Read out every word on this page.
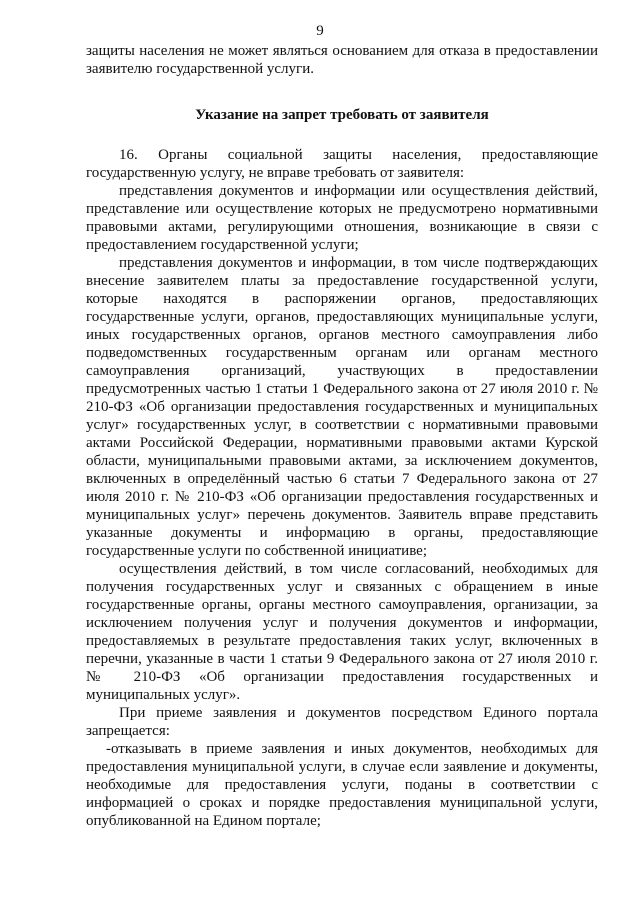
9

защиты населения не может являться основанием для отказа в предоставлении заявителю государственной услуги.

Указание на запрет требовать от заявителя

16. Органы социальной защиты населения, предоставляющие государственную услугу, не вправе требовать от заявителя:

представления документов и информации или осуществления действий, представление или осуществление которых не предусмотрено нормативными правовыми актами, регулирующими отношения, возникающие в связи с предоставлением государственной услуги;

представления документов и информации, в том числе подтверждающих внесение заявителем платы за предоставление государственной услуги, которые находятся в распоряжении органов, предоставляющих государственные услуги, органов, предоставляющих муниципальные услуги, иных государственных органов, органов местного самоуправления либо подведомственных государственным органам или органам местного самоуправления организаций, участвующих в предоставлении предусмотренных частью 1 статьи 1 Федерального закона от 27 июля 2010 г. № 210-ФЗ «Об организации предоставления государственных и муниципальных услуг» государственных услуг, в соответствии с нормативными правовыми актами Российской Федерации, нормативными правовыми актами Курской области, муниципальными правовыми актами, за исключением документов, включенных в определённый частью 6 статьи 7 Федерального закона от 27 июля 2010 г. № 210-ФЗ «Об организации предоставления государственных и муниципальных услуг» перечень документов. Заявитель вправе представить указанные документы и информацию в органы, предоставляющие государственные услуги по собственной инициативе;

осуществления действий, в том числе согласований, необходимых для получения государственных услуг и связанных с обращением в иные государственные органы, органы местного самоуправления, организации, за исключением получения услуг и получения документов и информации, предоставляемых в результате предоставления таких услуг, включенных в перечни, указанные в части 1 статьи 9 Федерального закона от 27 июля 2010 г. № 210-ФЗ «Об организации предоставления государственных и муниципальных услуг».

При приеме заявления и документов посредством Единого портала запрещается:

-отказывать в приеме заявления и иных документов, необходимых для предоставления муниципальной услуги, в случае если заявление и документы, необходимые для предоставления услуги, поданы в соответствии с информацией о сроках и порядке предоставления муниципальной услуги, опубликованной на Едином портале;
